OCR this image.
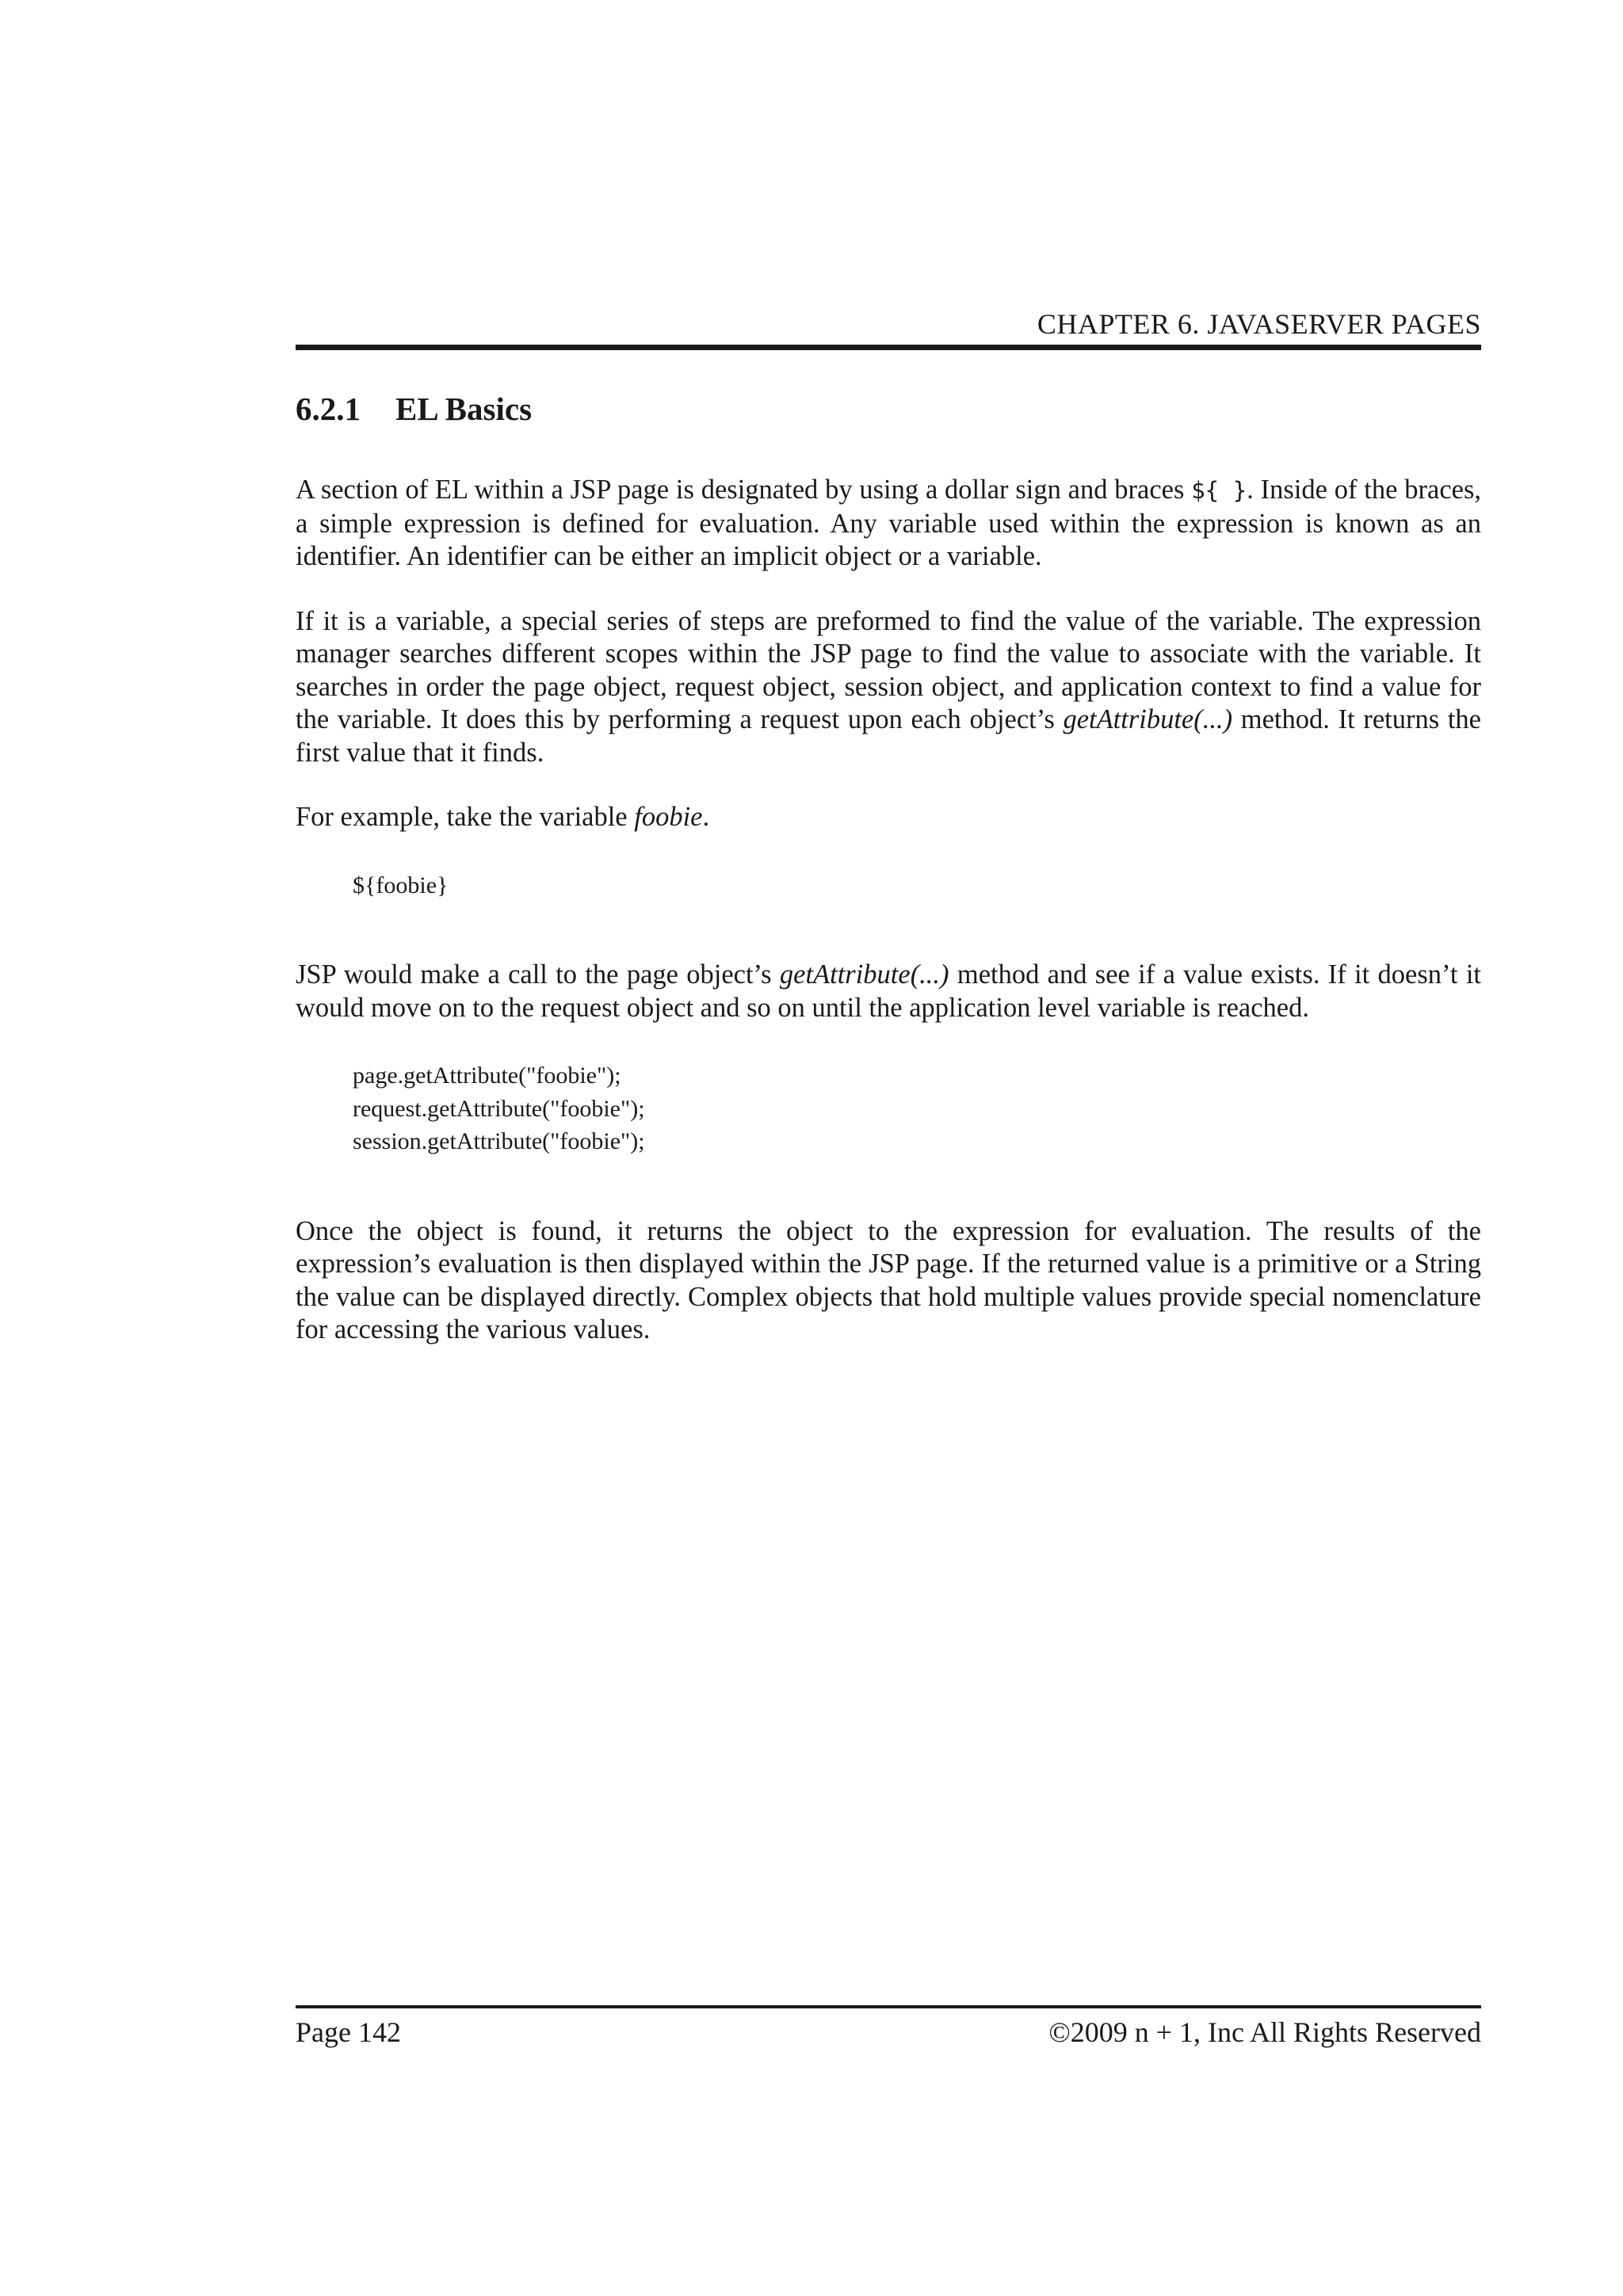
CHAPTER 6. JAVASERVER PAGES
6.2.1 EL Basics

A section of EL within a JSP page is designated by using a dollar sign and braces ${ }. Inside of the braces, a simple expression is defined for evaluation. Any variable used within the expression is known as an identifier. An identifier can be either an implicit object or a variable.

If it is a variable, a special series of steps are preformed to find the value of the variable. The expression manager searches different scopes within the JSP page to find the value to associate with the variable. It searches in order the page object, request object, session object, and application context to find a value for the variable. It does this by performing a request upon each object’s getAttribute(...) method. It returns the first value that it finds.

For example, take the variable foobie.

${foobie}

JSP would make a call to the page object’s getAttribute(...) method and see if a value exists. If it doesn’t it would move on to the request object and so on until the application level variable is reached.

page.getAttribute("foobie");
request.getAttribute("foobie");
session.getAttribute("foobie");

Once the object is found, it returns the object to the expression for evaluation. The results of the expression’s evaluation is then displayed within the JSP page. If the returned value is a primitive or a String the value can be displayed directly. Complex objects that hold multiple values provide special nomenclature for accessing the various values.

Page 142	©2009 n + 1, Inc All Rights Reserved
